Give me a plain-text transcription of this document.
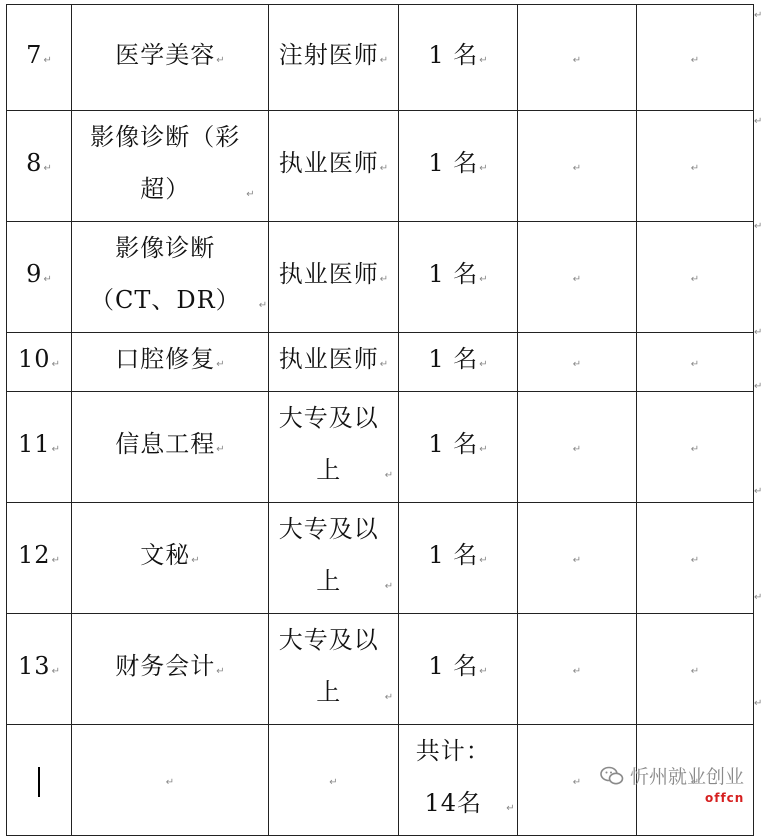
7 ↵	医学美容 ↵	注射医师 ↵	1 名 ↵	↵	↵
8 ↵	影像诊断（彩超） ↵	执业医师 ↵	1 名 ↵	↵	↵
9 ↵	影像诊断（CT、DR） ↵	执业医师 ↵	1 名 ↵	↵	↵
10 ↵	口腔修复 ↵	执业医师 ↵	1 名 ↵	↵	↵
11 ↵	信息工程 ↵	大专及以上 ↵	1 名 ↵	↵	↵
12 ↵	文秘 ↵	大专及以上 ↵	1 名 ↵	↵	↵
13 ↵	财务会计 ↵	大专及以上 ↵	1 名 ↵	↵	↵
	↵	↵	共计：14名 ↵	↵	↵
↵
↵
↵
↵
↵
↵
↵
↵
忻州就业创业
offcn
